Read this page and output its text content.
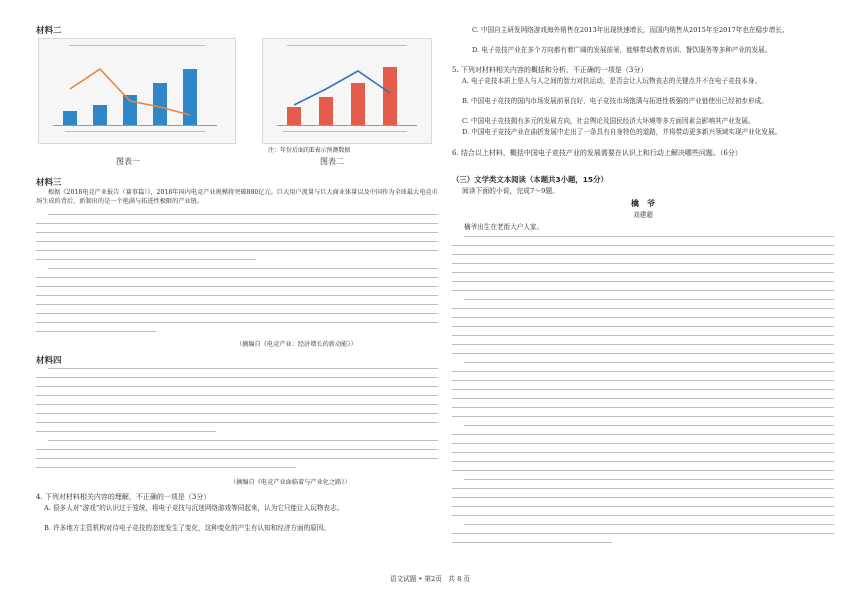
材料二
图表一
注：年份后面的E表示预测数据
图表二
材料三
根据《2018电竞产业报告（赛事篇）》，2018年国内电竞产业规模将突破880亿元。巨大用户流量与巨大商业体量以及中国作为全球最大电竞市场生成的背后，新制出的是一个艳满与拓进性极限的产业链。
（摘编自《电竞产业：经济增长的新动能》）
材料四
（摘编自《电竞产业面临着与产业化之路》）
4. 下列对材料相关内容的理解，不正确的一项是（3分）
A. 很多人对“游戏”的认识过于笼统，将电子竞技与沉迷网络游戏等同起来，认为它只能让人玩物丧志。
B. 许多地方主管机构对待电子竞技的态度发生了变化，这种变化的产生有认知和经济方面的原因。
C. 中国自主研发网络游戏海外销售在2013年出现快速增长，而国内销售从2015年至2017年也在稳步增长。
D. 电子竞技产业在多个方向都有着广阔的发展前景，能够带动教育培训、餐饮服务等多种产业的发展。
5. 下列对材料相关内容的概括和分析，不正确的一项是（3分）
A. 电子竞技本质上是人与人之间的智力对抗运动，是否会让人玩物丧志的关键点并不在电子竞技本身。
B. 中国电子竞技的国内市场发展前景良好，电子竞技市场饱满与拓进性极强的产业链使出已经初步形成。
C. 中国电子竞技拥有多元的发展方向，社会舆论及国民经济大环境等多方面因素会影响其产业发展。
D. 中国电子竞技产业在曲折发展中走出了一条具有自身特色的道路，并将带动更多新兴领域实现产业化发展。
6. 结合以上材料，概括中国电子竞技产业的发展需要在认识上和行动上解决哪些问题。（6分）
（三）文学类文本阅读（本题共3小题，15分）
阅读下面的小说，完成7～9题。
檎　爷
刘建超
檎爷出生在老街大户人家。
语文试题 • 第2页　共 8 页
